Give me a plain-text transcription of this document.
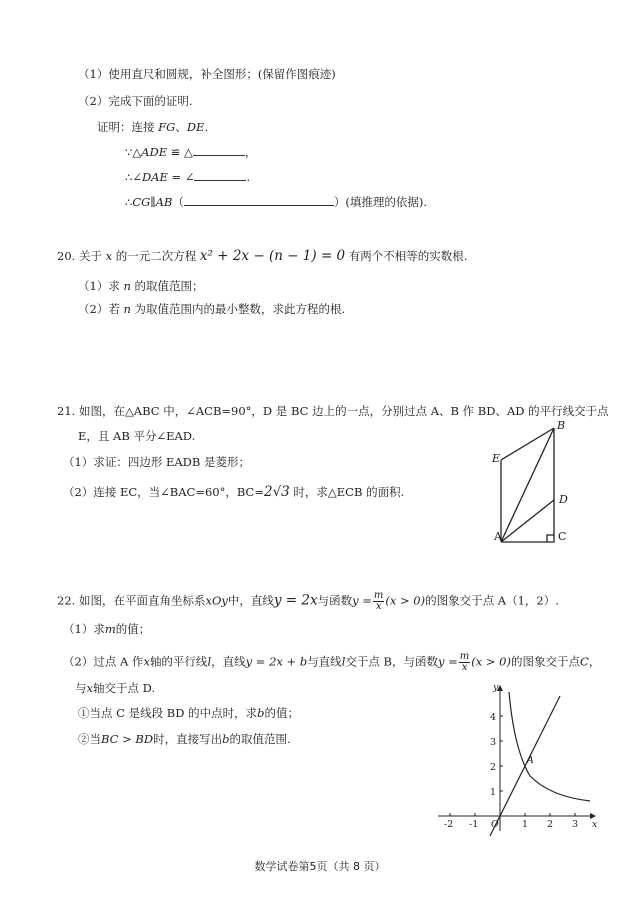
（1）使用直尺和圆规，补全图形；(保留作图痕迹)
（2）完成下面的证明.
证明：连接 FG、DE.
∵△ADE ≌ △	，
∴∠DAE = ∠	.
∴CG∥AB（	）(填推理的依据).
20. 关于 x 的一元二次方程 x² + 2x − (n − 1) = 0 有两个不相等的实数根.
（1）求 n 的取值范围；
（2）若 n 为取值范围内的最小整数，求此方程的根.
21. 如图，在△ABC 中，∠ACB=90°，D 是 BC 边上的一点，分别过点 A、B 作 BD、AD 的平行线交于点
E，且 AB 平分∠EAD.
（1）求证：四边形 EADB 是菱形；
（2）连接 EC，当∠BAC=60°，BC=2√3 时，求△ECB 的面积.
B
E
D
A	C
22. 如图，在平面直角坐标系xOy中，直线y = 2x与函数$y = \frac{m}{x} (x > 0)$的图象交于点 A（1，2）.
（1）求m的值；
（2）过点 A 作x轴的平行线l，直线y = 2x + b与直线l交于点 B，与函数$y = \frac{m}{x} (x > 0)$的图象交于点C，
与x轴交于点 D.
①当点 C 是线段 BD 的中点时，求b的值；
②当BC > BD时，直接写出b的取值范围.
-2 -1	1 2 3
1
2
3
4
x
y
O
A
数学试卷第5页（共 8 页）
